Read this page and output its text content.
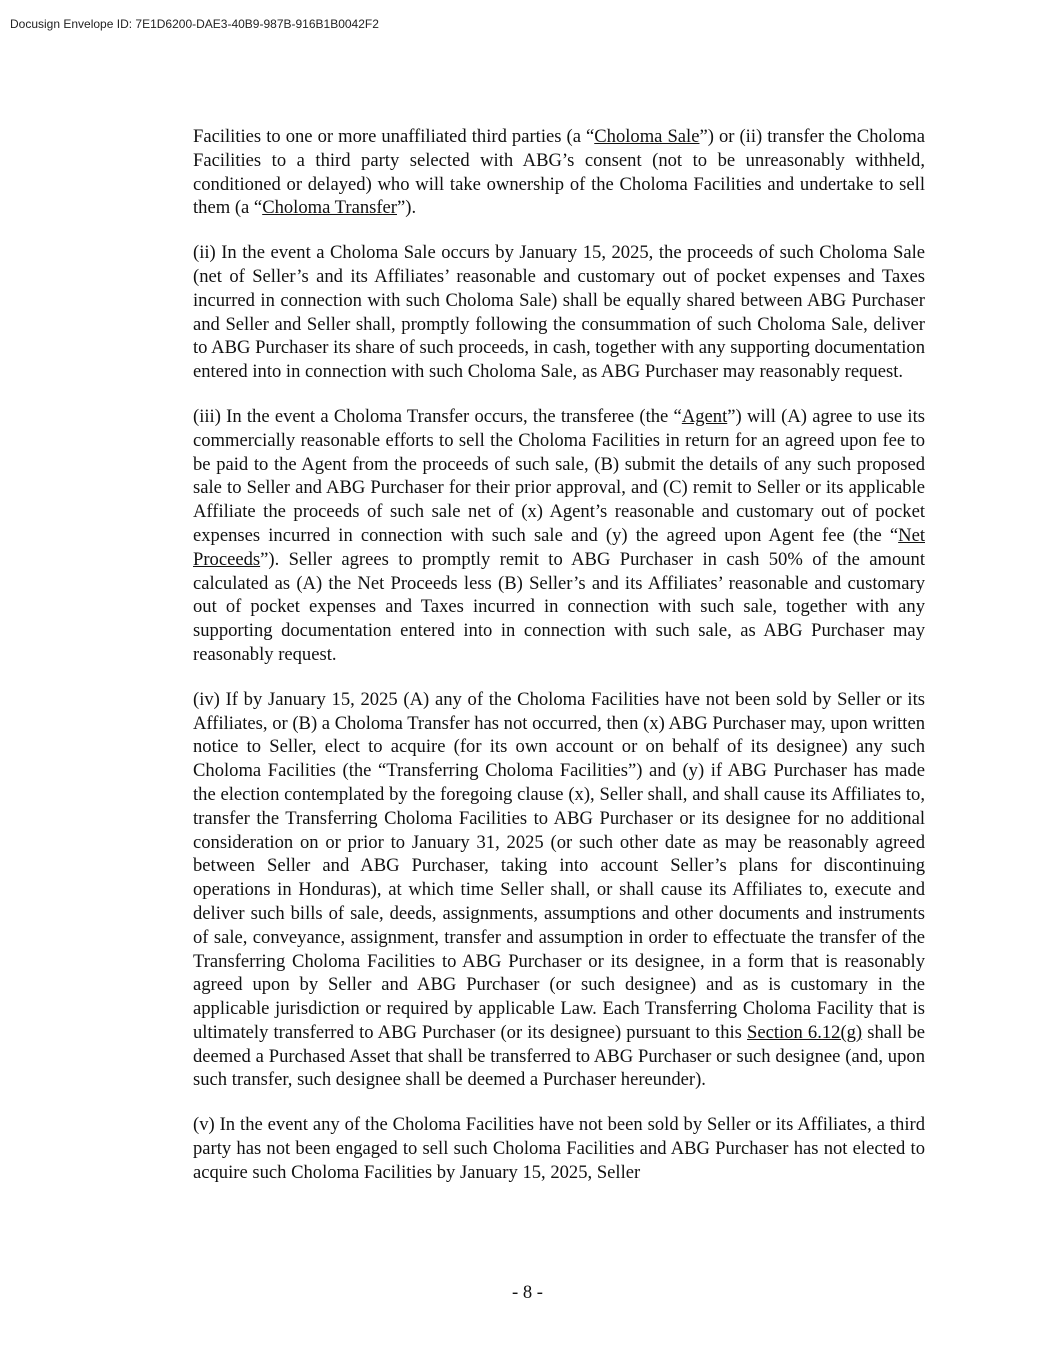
Docusign Envelope ID: 7E1D6200-DAE3-40B9-987B-916B1B0042F2

Facilities to one or more unaffiliated third parties (a “Choloma Sale”) or (ii) transfer the Choloma Facilities to a third party selected with ABG’s consent (not to be unreasonably withheld, conditioned or delayed) who will take ownership of the Choloma Facilities and undertake to sell them (a “Choloma Transfer”).

(ii) In the event a Choloma Sale occurs by January 15, 2025, the proceeds of such Choloma Sale (net of Seller’s and its Affiliates’ reasonable and customary out of pocket expenses and Taxes incurred in connection with such Choloma Sale) shall be equally shared between ABG Purchaser and Seller and Seller shall, promptly following the consummation of such Choloma Sale, deliver to ABG Purchaser its share of such proceeds, in cash, together with any supporting documentation entered into in connection with such Choloma Sale, as ABG Purchaser may reasonably request.

(iii) In the event a Choloma Transfer occurs, the transferee (the “Agent”) will (A) agree to use its commercially reasonable efforts to sell the Choloma Facilities in return for an agreed upon fee to be paid to the Agent from the proceeds of such sale, (B) submit the details of any such proposed sale to Seller and ABG Purchaser for their prior approval, and (C) remit to Seller or its applicable Affiliate the proceeds of such sale net of (x) Agent’s reasonable and customary out of pocket expenses incurred in connection with such sale and (y) the agreed upon Agent fee (the “Net Proceeds”). Seller agrees to promptly remit to ABG Purchaser in cash 50% of the amount calculated as (A) the Net Proceeds less (B) Seller’s and its Affiliates’ reasonable and customary out of pocket expenses and Taxes incurred in connection with such sale, together with any supporting documentation entered into in connection with such sale, as ABG Purchaser may reasonably request.

(iv) If by January 15, 2025 (A) any of the Choloma Facilities have not been sold by Seller or its Affiliates, or (B) a Choloma Transfer has not occurred, then (x) ABG Purchaser may, upon written notice to Seller, elect to acquire (for its own account or on behalf of its designee) any such Choloma Facilities (the “Transferring Choloma Facilities”) and (y) if ABG Purchaser has made the election contemplated by the foregoing clause (x), Seller shall, and shall cause its Affiliates to, transfer the Transferring Choloma Facilities to ABG Purchaser or its designee for no additional consideration on or prior to January 31, 2025 (or such other date as may be reasonably agreed between Seller and ABG Purchaser, taking into account Seller’s plans for discontinuing operations in Honduras), at which time Seller shall, or shall cause its Affiliates to, execute and deliver such bills of sale, deeds, assignments, assumptions and other documents and instruments of sale, conveyance, assignment, transfer and assumption in order to effectuate the transfer of the Transferring Choloma Facilities to ABG Purchaser or its designee, in a form that is reasonably agreed upon by Seller and ABG Purchaser (or such designee) and as is customary in the applicable jurisdiction or required by applicable Law. Each Transferring Choloma Facility that is ultimately transferred to ABG Purchaser (or its designee) pursuant to this Section 6.12(g) shall be deemed a Purchased Asset that shall be transferred to ABG Purchaser or such designee (and, upon such transfer, such designee shall be deemed a Purchaser hereunder).

(v) In the event any of the Choloma Facilities have not been sold by Seller or its Affiliates, a third party has not been engaged to sell such Choloma Facilities and ABG Purchaser has not elected to acquire such Choloma Facilities by January 15, 2025, Seller

- 8 -
